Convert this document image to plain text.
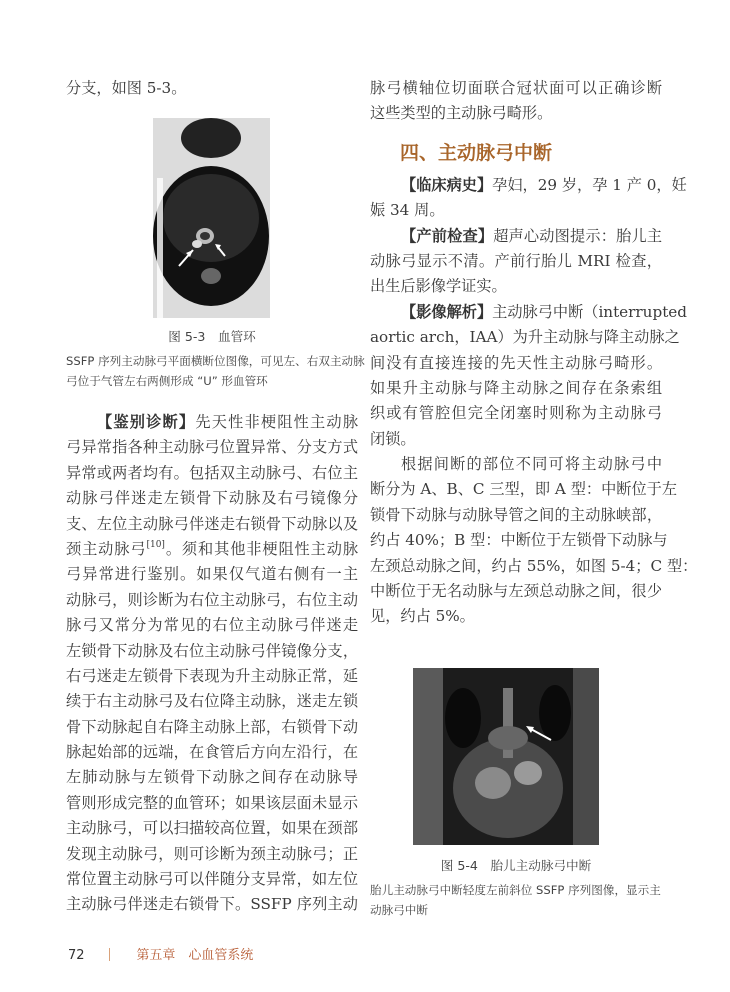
分支，如图 5-3。
图 5-3　血管环
SSFP 序列主动脉弓平面横断位图像，可见左、右双主动脉
弓位于气管左右两侧形成 “U” 形血管环
【鉴别诊断】先天性非梗阻性主动脉
弓异常指各种主动脉弓位置异常、分支方式
异常或两者均有。包括双主动脉弓、右位主
动脉弓伴迷走左锁骨下动脉及右弓镜像分
支、左位主动脉弓伴迷走右锁骨下动脉以及
颈主动脉弓[10]。须和其他非梗阻性主动脉
弓异常进行鉴别。如果仅气道右侧有一主
动脉弓，则诊断为右位主动脉弓，右位主动
脉弓又常分为常见的右位主动脉弓伴迷走
左锁骨下动脉及右位主动脉弓伴镜像分支，
右弓迷走左锁骨下表现为升主动脉正常，延
续于右主动脉弓及右位降主动脉，迷走左锁
骨下动脉起自右降主动脉上部，右锁骨下动
脉起始部的远端，在食管后方向左沿行，在
左肺动脉与左锁骨下动脉之间存在动脉导
管则形成完整的血管环；如果该层面未显示
主动脉弓，可以扫描较高位置，如果在颈部
发现主动脉弓，则可诊断为颈主动脉弓；正
常位置主动脉弓可以伴随分支异常，如左位
主动脉弓伴迷走右锁骨下。SSFP 序列主动
脉弓横轴位切面联合冠状面可以正确诊断
这些类型的主动脉弓畸形。
四、主动脉弓中断
【临床病史】孕妇，29 岁，孕 1 产 0，妊
娠 34 周。
【产前检查】超声心动图提示：胎儿主
动脉弓显示不清。产前行胎儿 MRI 检查，
出生后影像学证实。
【影像解析】主动脉弓中断（interrupted
aortic arch，IAA）为升主动脉与降主动脉之
间没有直接连接的先天性主动脉弓畸形。
如果升主动脉与降主动脉之间存在条索组
织或有管腔但完全闭塞时则称为主动脉弓
闭锁。
根据间断的部位不同可将主动脉弓中
断分为 A、B、C 三型，即 A 型：中断位于左
锁骨下动脉与动脉导管之间的主动脉峡部，
约占 40%；B 型：中断位于左锁骨下动脉与
左颈总动脉之间，约占 55%，如图 5-4；C 型：
中断位于无名动脉与左颈总动脉之间，很少
见，约占 5%。
图 5-4　胎儿主动脉弓中断
胎儿主动脉弓中断轻度左前斜位 SSFP 序列图像，显示主
动脉弓中断
72	第五章　心血管系统
